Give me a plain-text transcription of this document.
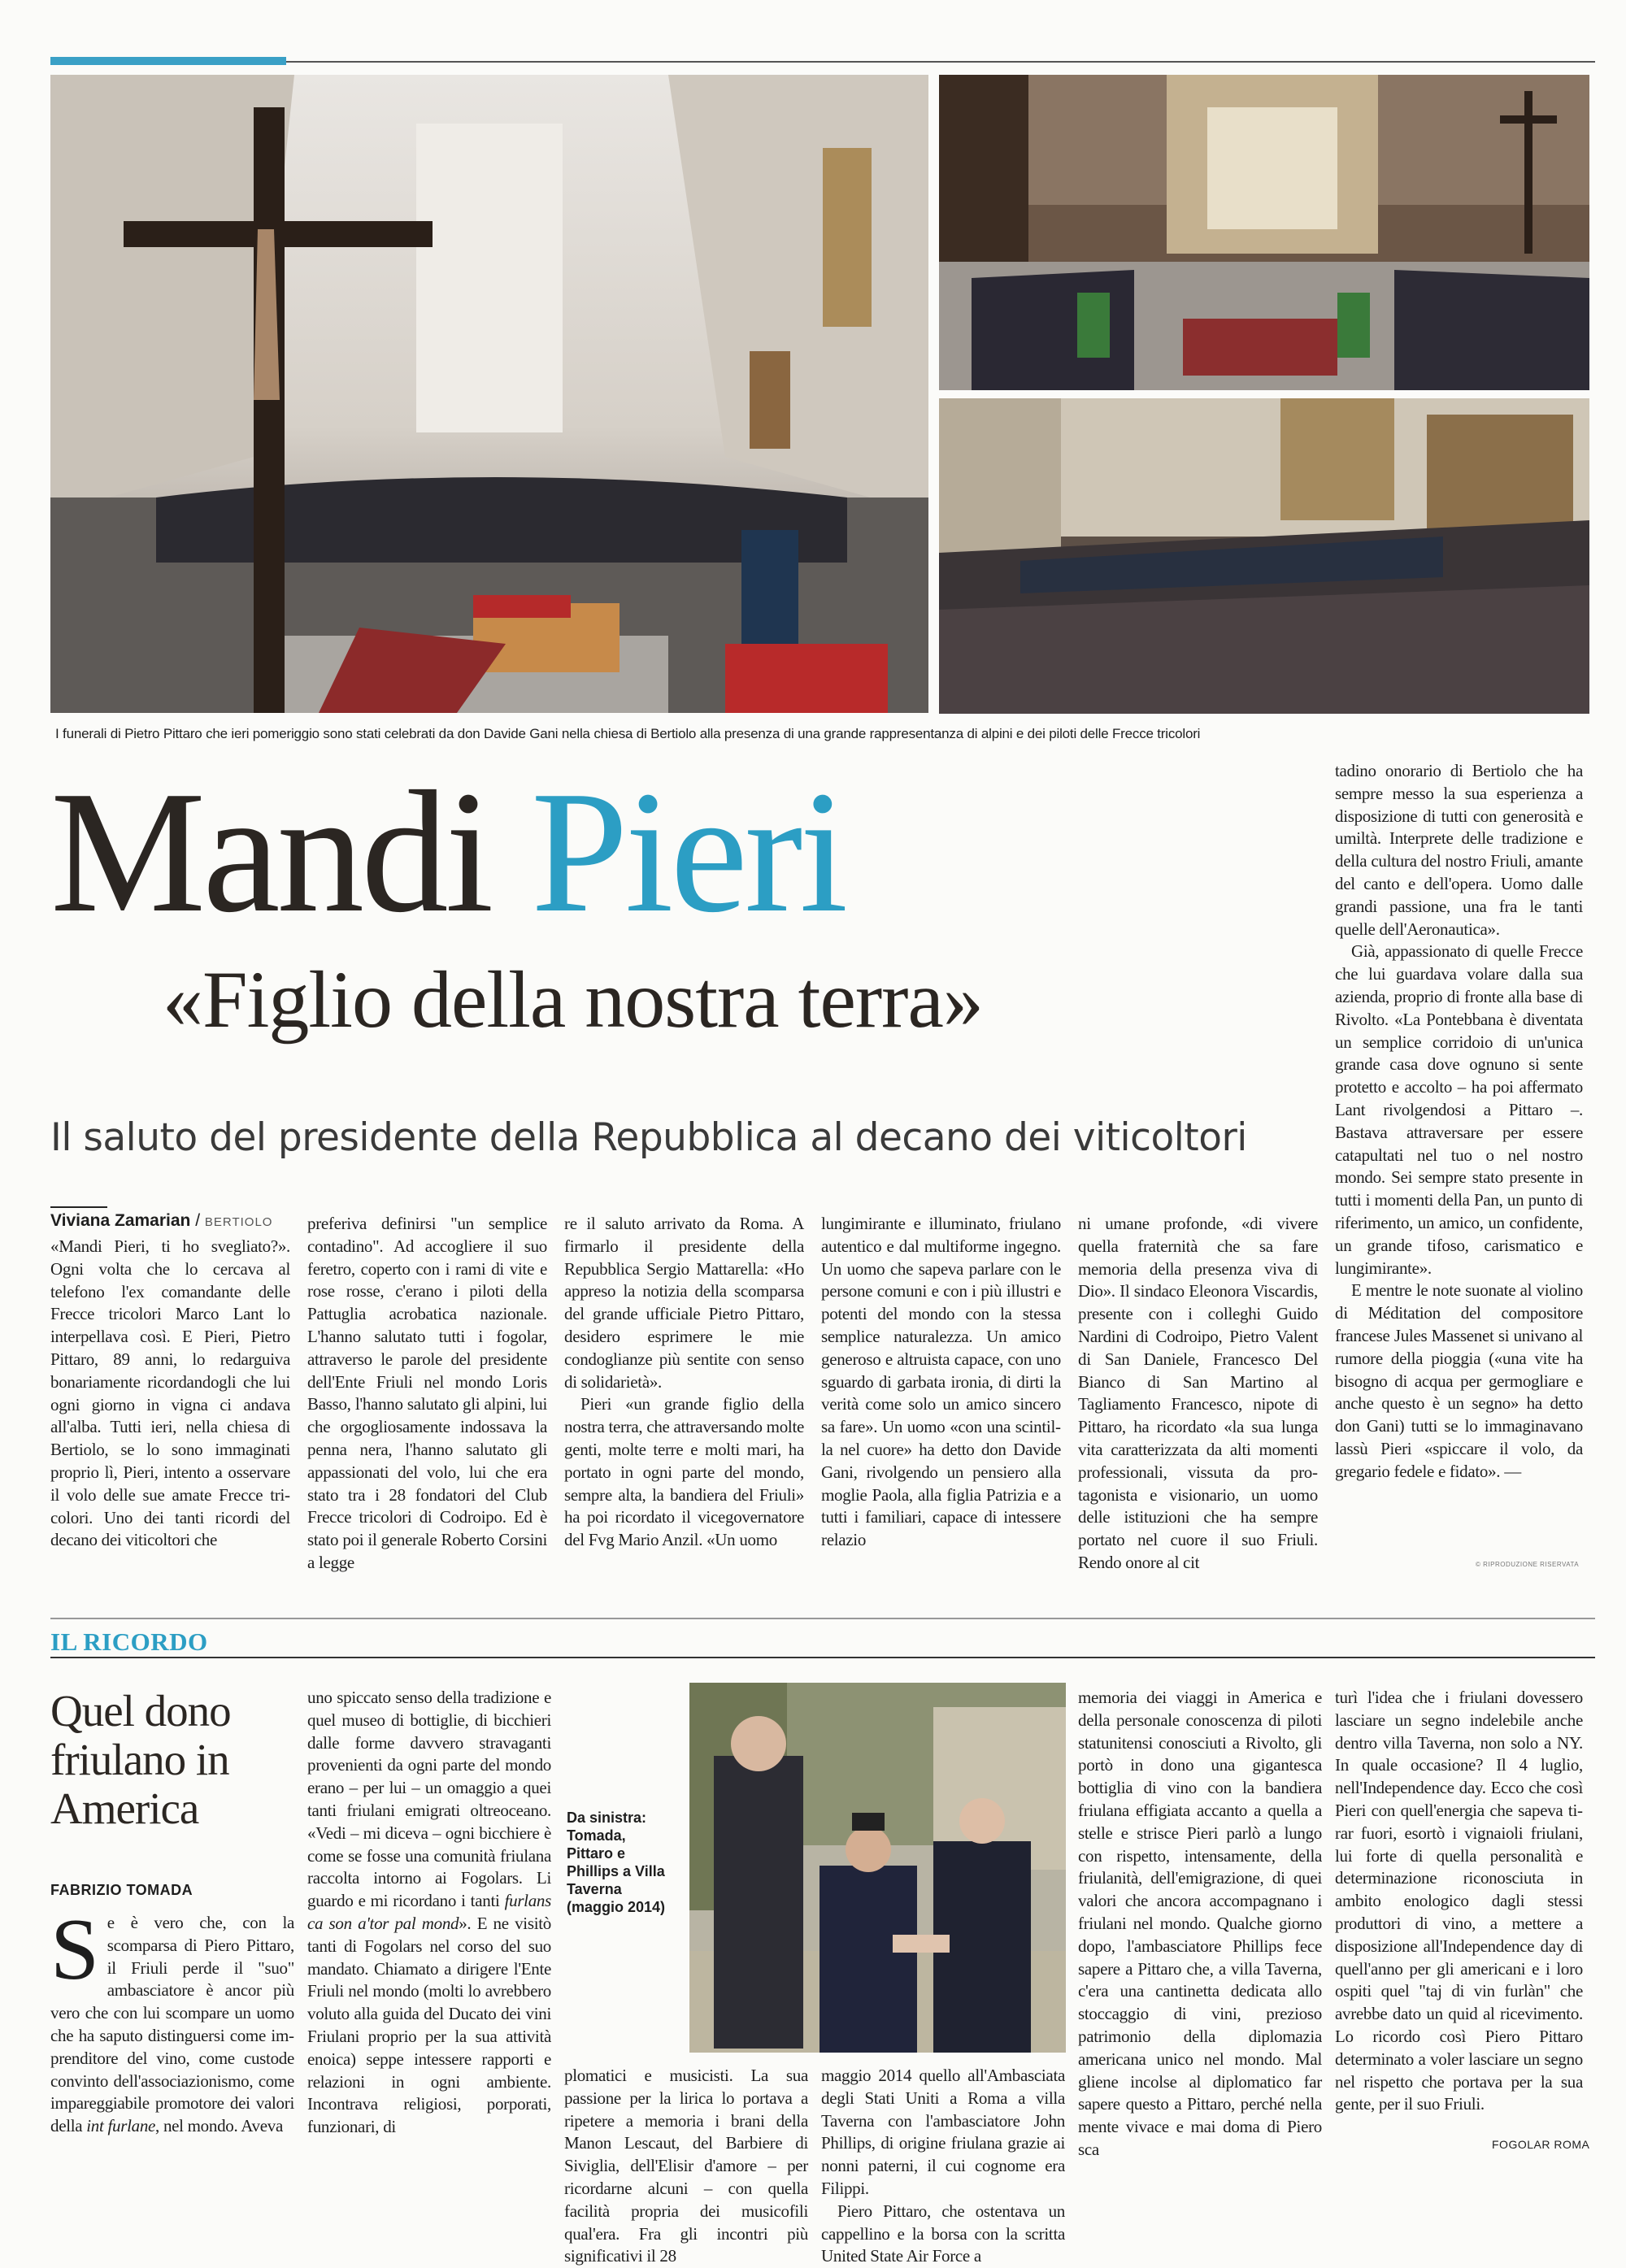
I funerali di Pietro Pittaro che ieri pomeriggio sono stati celebrati da don Davide Gani nella chiesa di Bertiolo alla presenza di una grande rappresentanza di alpini e dei piloti delle Frecce tricolori
Mandi Pieri
«Figlio della nostra terra»
Il saluto del presidente della Repubblica al decano dei viticoltori
Viviana Zamarian / BERTIOLO

«Mandi Pieri, ti ho svegliato?». Ogni volta che lo cercava al telefono l'ex comandante delle Frecce tricolori Marco Lant lo interpellava così. E Pieri, Pietro Pittaro, 89 anni, lo redarguiva bonariamente ricordandogli che lui ogni giorno in vigna ci andava all'alba. Tutti ieri, nella chiesa di Bertiolo, se lo sono immaginati proprio lì, Pieri, intento a osservare il volo delle sue amate Frecce tricolori. Uno dei tanti ricordi del decano dei viticoltori che

preferiva definirsi "un semplice contadino". Ad accogliere il suo feretro, coperto con i rami di vite e rose rosse, c'erano i piloti della Pattuglia acrobatica nazionale. L'hanno salutato tutti i fogolar, attraverso le parole del presidente dell'Ente Friuli nel mondo Loris Basso, l'hanno salutato gli alpini, lui che orgogliosamente indossava la penna nera, l'hanno salutato gli appassionati del volo, lui che era stato tra i 28 fondatori del Club Frecce tricolori di Codroipo. Ed è stato poi il generale Roberto Corsini a legge

re il saluto arrivato da Roma. A firmarlo il presidente della Repubblica Sergio Mattarella: «Ho appreso la notizia della scomparsa del grande ufficiale Pietro Pittaro, desidero esprimere le mie condoglianze più sentite con senso di solidarietà».

Pieri «un grande figlio della nostra terra, che attraversando molte genti, molte terre e molti mari, ha portato in ogni parte del mondo, sempre alta, la bandiera del Friuli» ha poi ricordato il vicegovernatore del Fvg Mario Anzil. «Un uomo

lungimirante e illuminato, friulano autentico e dal multiforme ingegno. Un uomo che sapeva parlare con le persone comuni e con i più illustri e potenti del mondo con la stessa semplice naturalezza. Un amico generoso e altruista capace, con uno sguardo di garbata ironia, di dirti la verità come solo un amico sincero sa fare». Un uomo «con una scintilla nel cuore» ha detto don Davide Gani, rivolgendo un pensiero alla moglie Paola, alla figlia Patrizia e a tutti i familiari, capace di intessere relazio

ni umane profonde, «di vivere quella fraternità che sa fare memoria della presenza viva di Dio». Il sindaco Eleonora Viscardis, presente con i colleghi Guido Nardini di Codroipo, Pietro Valent di San Daniele, Francesco Del Bianco di San Martino al Tagliamento Francesco, nipote di Pittaro, ha ricordato «la sua lunga vita caratterizzata da alti momenti professionali, vissuta da protagonista e visionario, un uomo delle istituzioni che ha sempre portato nel cuore il suo Friuli. Rendo onore al cit

tadino onorario di Bertiolo che ha sempre messo la sua esperienza a disposizione di tutti con generosità e umiltà. Interprete delle tradizione e della cultura del nostro Friuli, amante del canto e dell'opera. Uomo dalle grandi passione, una fra le tanti quelle dell'Aeronautica».

Già, appassionato di quelle Frecce che lui guardava volare dalla sua azienda, proprio di fronte alla base di Rivolto. «La Pontebbana è diventata un semplice corridoio di un'unica grande casa dove ognuno si sente protetto e accolto – ha poi affermato Lant rivolgendosi a Pittaro –. Bastava attraversare per essere catapultati nel tuo o nel nostro mondo. Sei sempre stato presente in tutti i momenti della Pan, un punto di riferimento, un amico, un confidente, un grande tifoso, carismatico e lungimirante».

E mentre le note suonate al violino di Méditation del compositore francese Jules Massenet si univano al rumore della pioggia («una vite ha bisogno di acqua per germogliare e anche questo è un segno» ha detto don Gani) tutti se lo immaginavano lassù Pieri «spiccare il volo, da gregario fedele e fidato». —

© RIPRODUZIONE RISERVATA
IL RICORDO
Quel dono friulano in America
FABRIZIO TOMADA

Se è vero che, con la scomparsa di Piero Pittaro, il Friuli perde il "suo" ambasciatore è ancor più vero che con lui scompare un uomo che ha saputo distinguersi come imprenditore del vino, come custode convinto dell'associazionismo, come impareggiabile promotore dei valori della int furlane, nel mondo. Aveva

uno spiccato senso della tradizione e quel museo di bottiglie, di bicchieri dalle forme davvero stravaganti provenienti da ogni parte del mondo erano – per lui – un omaggio a quei tanti friulani emigrati oltreoceano. «Vedi – mi diceva – ogni bicchiere è come se fosse una comunità friulana raccolta intorno ai Fogolars. Li guardo e mi ricordano i tanti furlans ca son a'tor pal mond». E ne visitò tanti di Fogolars nel corso del suo mandato. Chiamato a dirigere l'Ente Friuli nel mondo (molti lo avrebbero voluto alla guida del Ducato dei vini Friulani proprio per la sua attività enoica) seppe intessere rapporti e relazioni in ogni ambiente. Incontrava religiosi, porporati, funzionari, di

Da sinistra: Tomada, Pittaro e Phillips a Villa Taverna (maggio 2014)

plomatici e musicisti. La sua passione per la lirica lo portava a ripetere a memoria i brani della Manon Lescaut, del Barbiere di Siviglia, dell'Elisir d'amore – per ricordarne alcuni – con quella facilità propria dei musicofili qual'era. Fra gli incontri più significativi il 28

maggio 2014 quello all'Ambasciata degli Stati Uniti a Roma a villa Taverna con l'ambasciatore John Phillips, di origine friulana grazie ai nonni paterni, il cui cognome era Filippi.

Piero Pittaro, che ostentava un cappellino e la borsa con la scritta United State Air Force a

memoria dei viaggi in America e della personale conoscenza di piloti statunitensi conosciuti a Rivolto, gli portò in dono una gigantesca bottiglia di vino con la bandiera friulana effigiata accanto a quella a stelle e strisce Pieri parlò a lungo con rispetto, intensamente, della friulanità, dell'emigrazione, di quei valori che ancora accompagnano i friulani nel mondo. Qualche giorno dopo, l'ambasciatore Phillips fece sapere a Pittaro che, a villa Taverna, c'era una cantinetta dedicata allo stoccaggio di vini, prezioso patrimonio della diplomazia americana unico nel mondo. Mal gliene incolse al diplomatico far sapere questo a Pittaro, perché nella mente vivace e mai doma di Piero sca

turì l'idea che i friulani dovessero lasciare un segno indelebile anche dentro villa Taverna, non solo a NY. In quale occasione? Il 4 luglio, nell'Independence day. Ecco che così Pieri con quell'energia che sapeva tirar fuori, esortò i vignaioli friulani, lui forte di quella personalità e determinazione riconosciuta in ambito enologico dagli stessi produttori di vino, a mettere a disposizione all'Independence day di quell'anno per gli americani e i loro ospiti quel "taj di vin furlàn" che avrebbe dato un quid al ricevimento. Lo ricordo così Piero Pittaro determinato a voler lasciare un segno nel rispetto che portava per la sua gente, per il suo Friuli.

FOGOLAR ROMA
